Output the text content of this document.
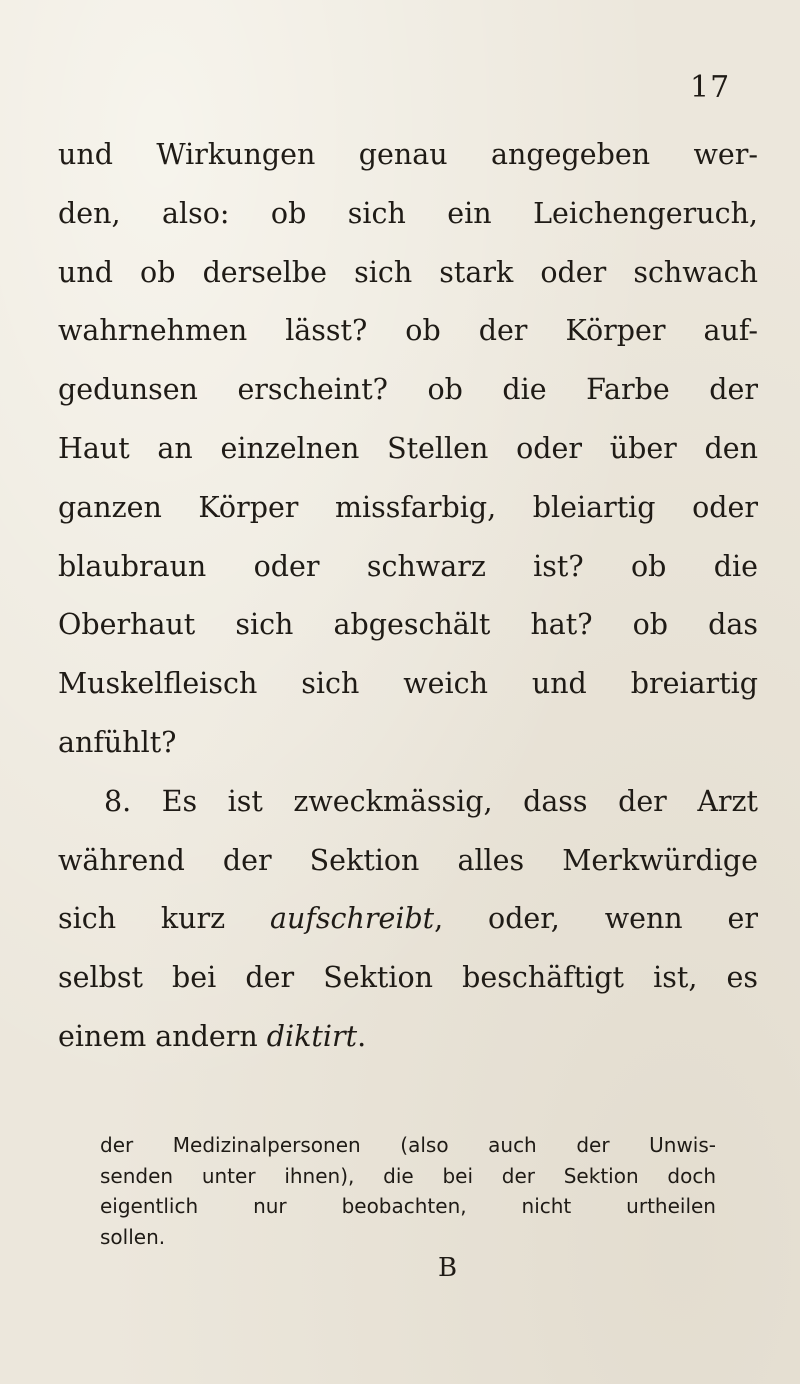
17
und Wirkungen genau angegeben wer-
den, also: ob sich ein Leichengeruch,
und ob derselbe sich stark oder schwach
wahrnehmen lässt? ob der Körper auf-
gedunsen erscheint? ob die Farbe der
Haut an einzelnen Stellen oder über den
ganzen Körper missfarbig, bleiartig oder
blaubraun oder schwarz ist? ob die
Oberhaut sich abgeschält hat? ob das
Muskelfleisch sich weich und breiartig
anfühlt?
8. Es ist zweckmässig, dass der Arzt
während der Sektion alles Merkwürdige
sich kurz aufschreibt, oder, wenn er
selbst bei der Sektion beschäftigt ist, es
einem andern diktirt.
der Medizinalpersonen (also auch der Unwis-
senden unter ihnen), die bei der Sektion doch
eigentlich nur beobachten, nicht urtheilen
sollen.
B
